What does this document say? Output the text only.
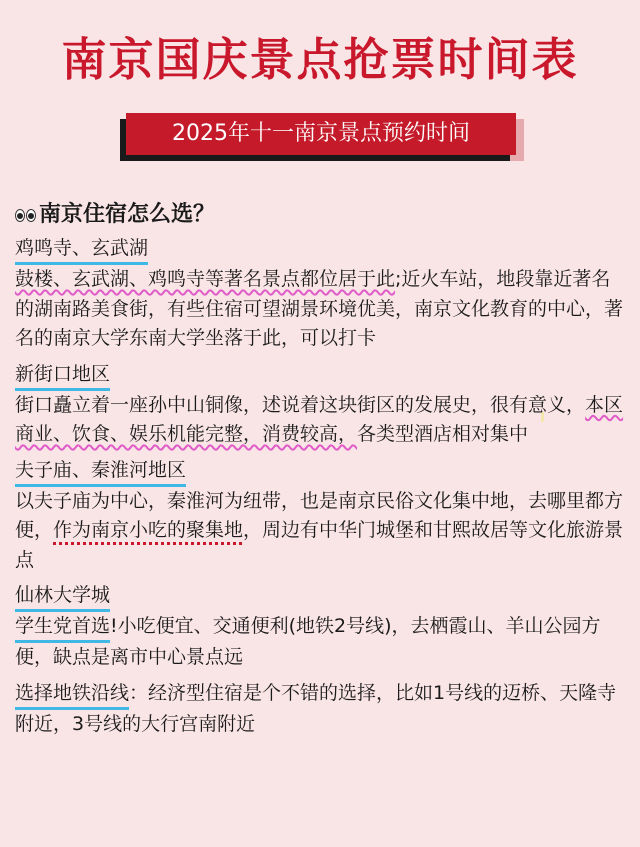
南京国庆景点抢票时间表
2025年十一南京景点预约时间
南京住宿怎么选？
鸡鸣寺、玄武湖

鼓楼、玄武湖、鸡鸣寺等著名景点都位居于此;近火车站，地段靠近著名的湖南路美食街，有些住宿可望湖景环境优美，南京文化教育的中心，著名的南京大学东南大学坐落于此，可以打卡

新街口地区

街口矗立着一座孙中山铜像，述说着这块街区的发展史，很有意义，本区商业、饮食、娱乐机能完整，消费较高，各类型酒店相对集中

夫子庙、秦淮河地区

以夫子庙为中心，秦淮河为纽带，也是南京民俗文化集中地，去哪里都方便，作为南京小吃的聚集地，周边有中华门城堡和甘熙故居等文化旅游景点

仙林大学城

学生党首选!小吃便宜、交通便利(地铁2号线)，去栖霞山、羊山公园方便，缺点是离市中心景点远

选择地铁沿线：经济型住宿是个不错的选择，比如1号线的迈桥、天隆寺附近，3号线的大行宫南附近
